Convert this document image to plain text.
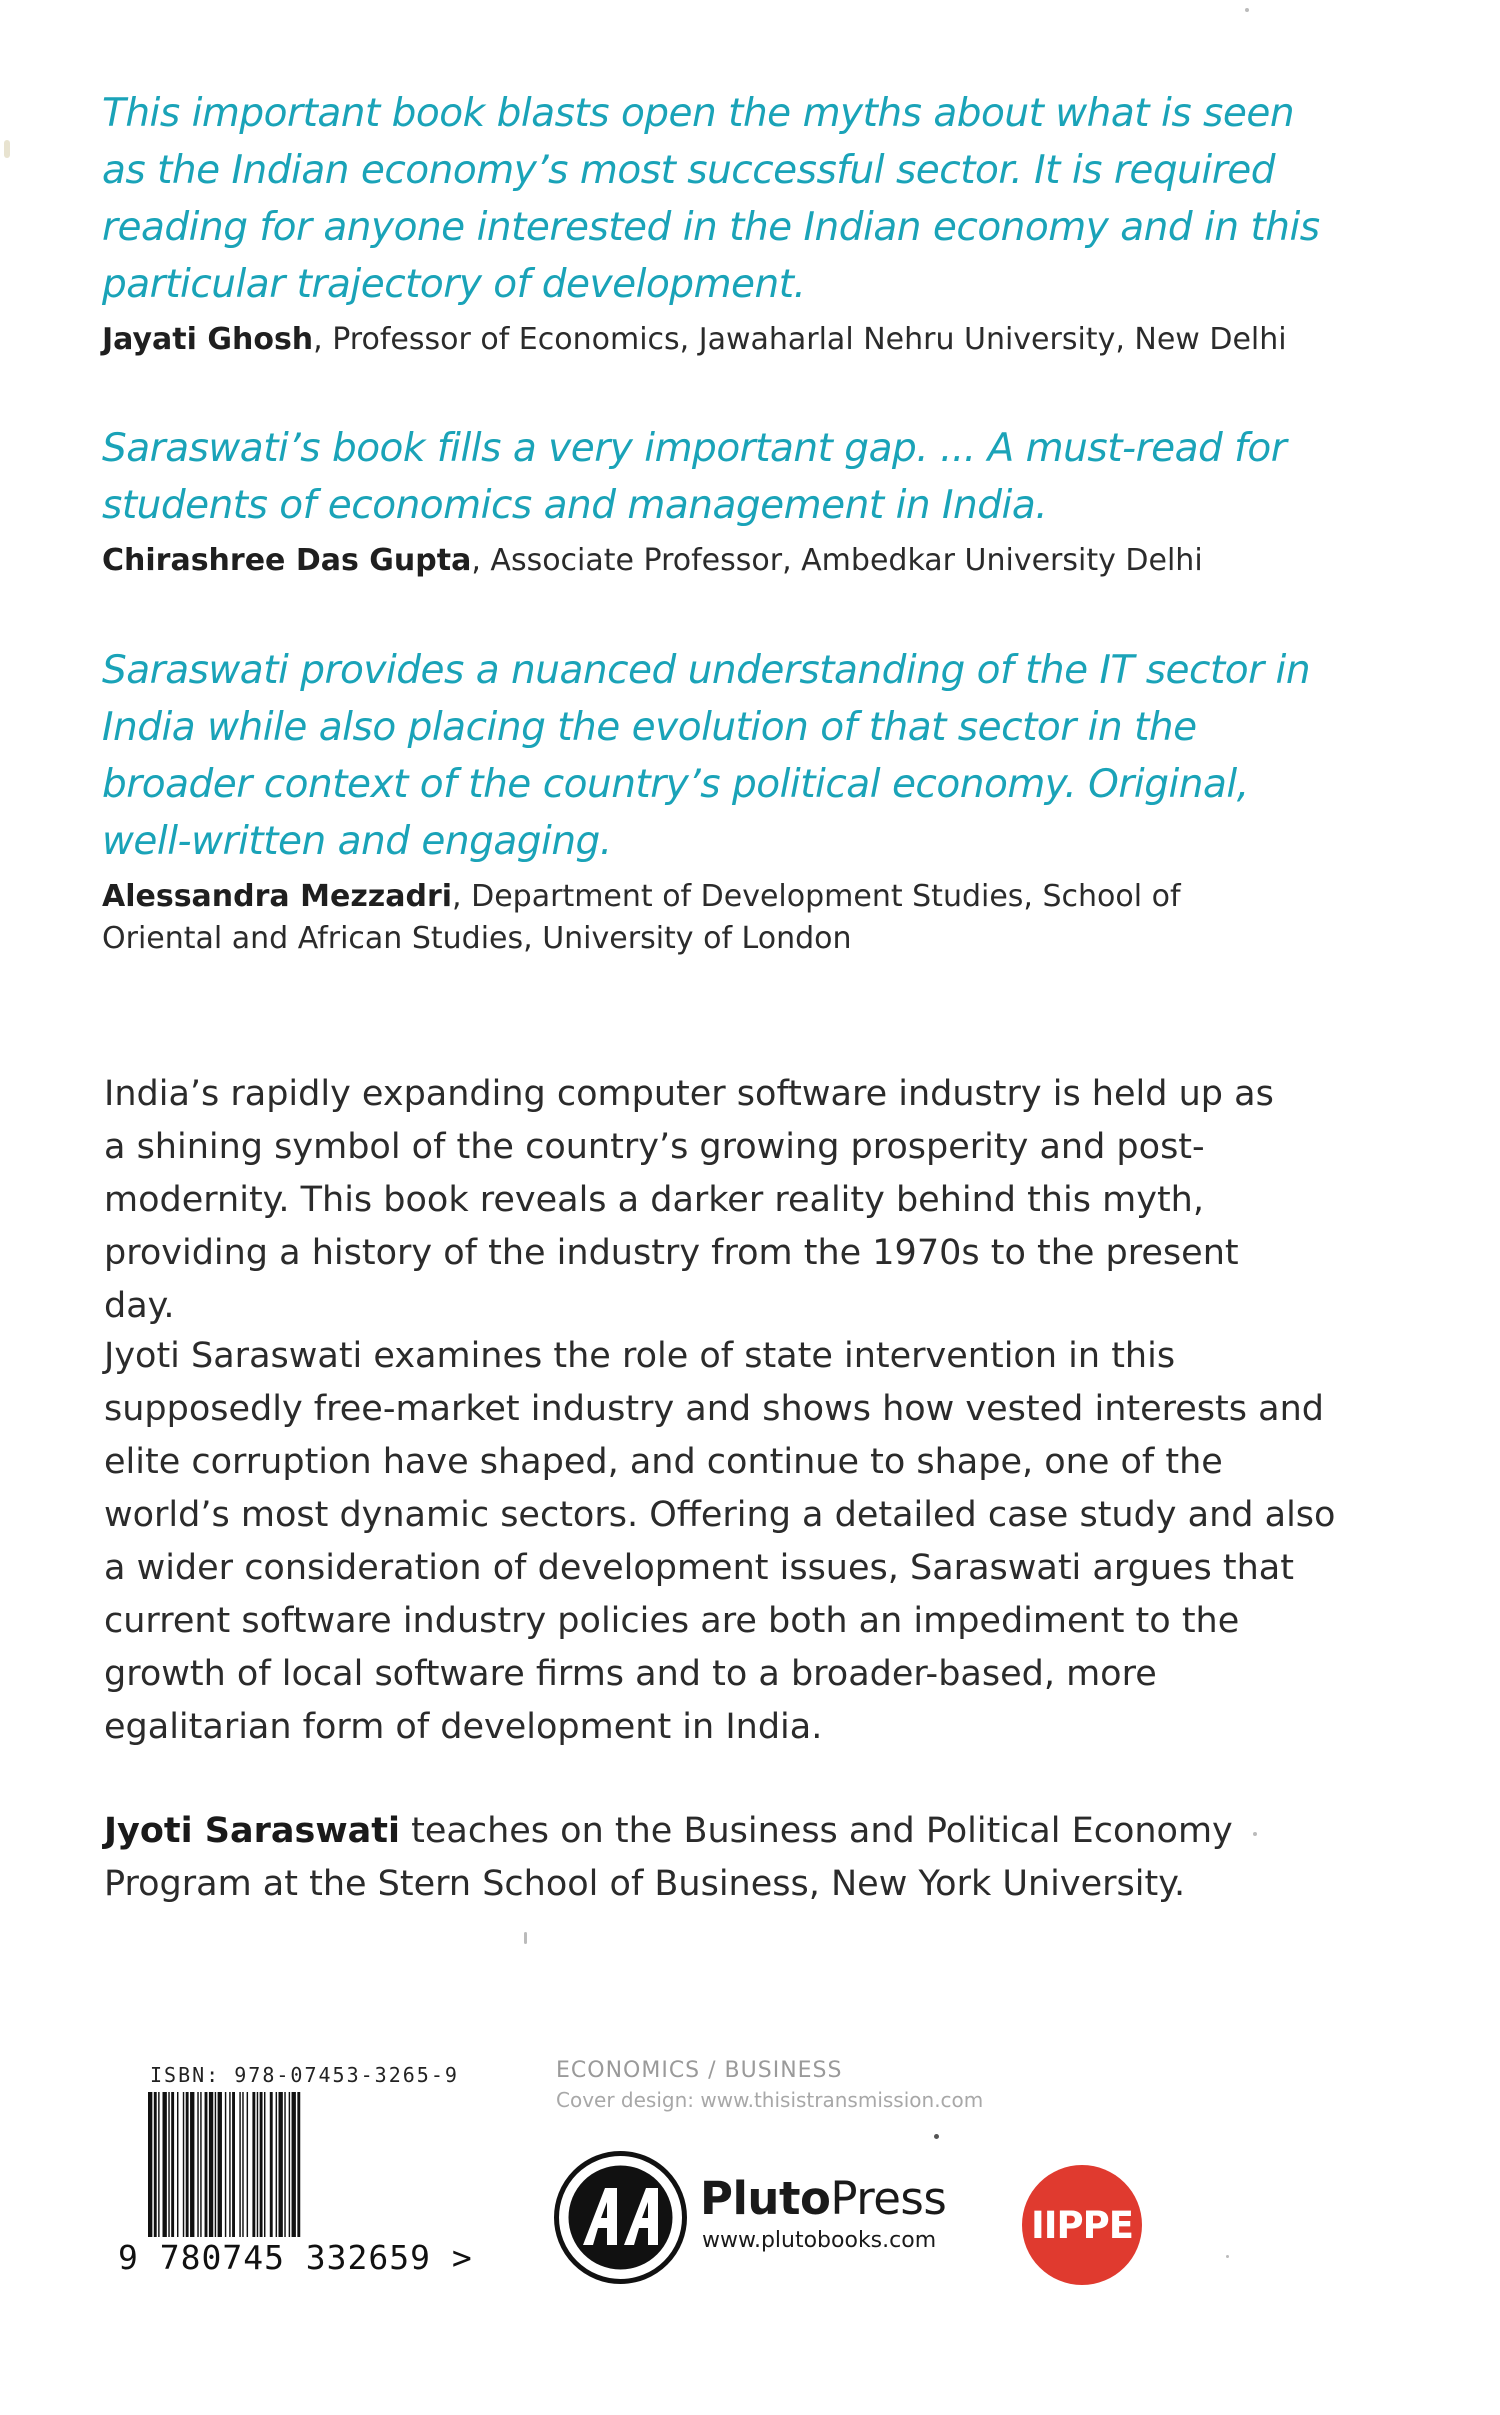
This important book blasts open the myths about what is seen as the Indian economy’s most successful sector. It is required reading for anyone interested in the Indian economy and in this particular trajectory of development.

Jayati Ghosh, Professor of Economics, Jawaharlal Nehru University, New Delhi

Saraswati’s book fills a very important gap. ... A must-read for students of economics and management in India.

Chirashree Das Gupta, Associate Professor, Ambedkar University Delhi

Saraswati provides a nuanced understanding of the IT sector in India while also placing the evolution of that sector in the broader context of the country’s political economy. Original, well-written and engaging.

Alessandra Mezzadri, Department of Development Studies, School of Oriental and African Studies, University of London

India’s rapidly expanding computer software industry is held up as a shining symbol of the country’s growing prosperity and post-modernity. This book reveals a darker reality behind this myth, providing a history of the industry from the 1970s to the present day.

Jyoti Saraswati examines the role of state intervention in this supposedly free-market industry and shows how vested interests and elite corruption have shaped, and continue to shape, one of the world’s most dynamic sectors. Offering a detailed case study and also a wider consideration of development issues, Saraswati argues that current software industry policies are both an impediment to the growth of local software firms and to a broader-based, more egalitarian form of development in India.

Jyoti Saraswati teaches on the Business and Political Economy Program at the Stern School of Business, New York University.

ISBN: 978-07453-3265-9
9 780745 332659 >
ECONOMICS / BUSINESS
Cover design: www.thisistransmission.com
PlutoPress
www.plutobooks.com	IIPPE
